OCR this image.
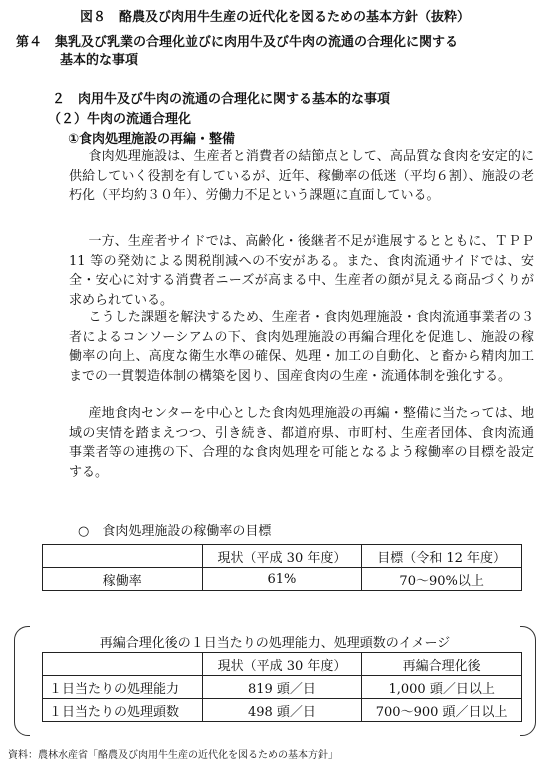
図８　酪農及び肉用牛生産の近代化を図るための基本方針（抜粋）
第４　集乳及び乳業の合理化並びに肉用牛及び牛肉の流通の合理化に関する
基本的な事項
２　肉用牛及び牛肉の流通の合理化に関する基本的な事項
（２）牛肉の流通合理化
①食肉処理施設の再編・整備

食肉処理施設は、生産者と消費者の結節点として、高品質な食肉を安定的に供給していく役割を有しているが、近年、稼働率の低迷（平均６割）、施設の老朽化（平均約３０年）、労働力不足という課題に直面している。

一方、生産者サイドでは、高齢化・後継者不足が進展するとともに、ＴＰＰ11 等の発効による関税削減への不安がある。また、食肉流通サイドでは、安全・安心に対する消費者ニーズが高まる中、生産者の顔が見える商品づくりが求められている。

こうした課題を解決するため、生産者・食肉処理施設・食肉流通事業者の３者によるコンソーシアムの下、食肉処理施設の再編合理化を促進し、施設の稼働率の向上、高度な衛生水準の確保、処理・加工の自動化、と畜から精肉加工までの一貫製造体制の構築を図り、国産食肉の生産・流通体制を強化する。

産地食肉センターを中心とした食肉処理施設の再編・整備に当たっては、地域の実情を踏まえつつ、引き続き、都道府県、市町村、生産者団体、食肉流通事業者等の連携の下、合理的な食肉処理を可能となるよう稼働率の目標を設定する。

○　食肉処理施設の稼働率の目標
	現状（平成 30 年度）	目標（令和 12 年度）
稼働率	61%	70～90%以上
再編合理化後の１日当たりの処理能力、処理頭数のイメージ
	現状（平成 30 年度）	再編合理化後
１日当たりの処理能力	819 頭／日	1,000 頭／日以上
１日当たりの処理頭数	498 頭／日	700～900 頭／日以上
資料：農林水産省「酪農及び肉用牛生産の近代化を図るための基本方針」
